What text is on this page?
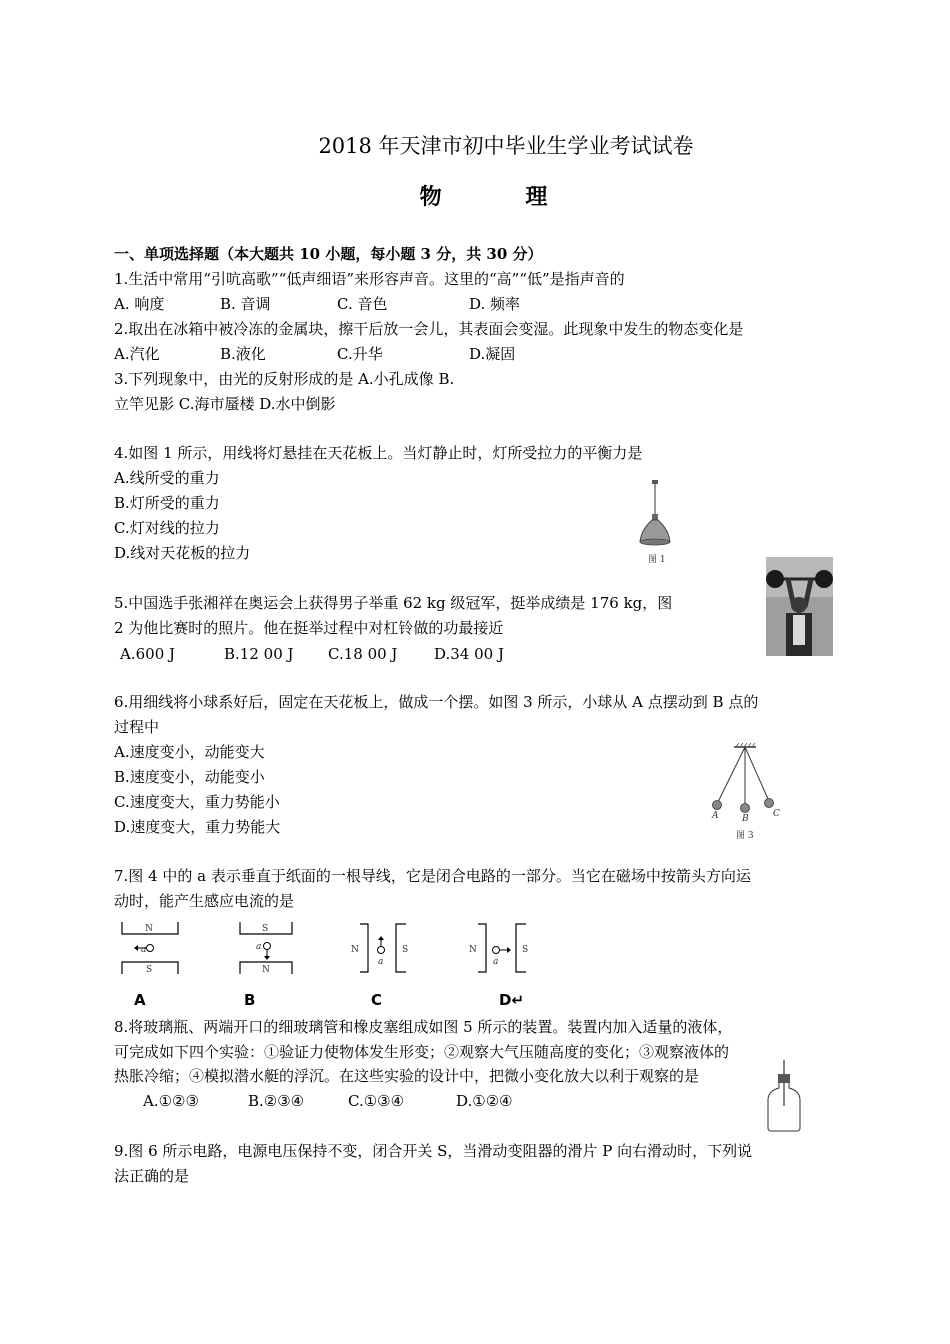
2018 年天津市初中毕业生学业考试试卷
物 理
一、单项选择题（本大题共 10 小题，每小题 3 分，共 30 分）
1.生活中常用“引吭高歌”“低声细语”来形容声音。这里的“高”“低”是指声音的
A. 响度	B. 音调	C. 音色	D. 频率
2.取出在冰箱中被冷冻的金属块，擦干后放一会儿，其表面会变湿。此现象中发生的物态变化是
A.汽化	B.液化	C.升华	D.凝固
3.下列现象中，由光的反射形成的是 A.小孔成像 B.
立竿见影 C.海市蜃楼 D.水中倒影
4.如图 1 所示，用线将灯悬挂在天花板上。当灯静止时，灯所受拉力的平衡力是
A.线所受的重力
B.灯所受的重力
C.灯对线的拉力
D.线对天花板的拉力	图 1
5.中国选手张湘祥在奥运会上获得男子举重 62 kg 级冠军，挺举成绩是 176 kg，图
2 为他比赛时的照片。他在挺举过程中对杠铃做的功最接近
A.600 J	B.12 00 J C.18 00 J D.34 00 J
6.用细线将小球系好后，固定在天花板上，做成一个摆。如图 3 所示，小球从 A 点摆动到 B 点的
过程中
A.速度变小，动能变大
B.速度变小，动能变小
C.速度变大，重力势能小
D.速度变大，重力势能大
A	B	C
图 3
7.图 4 中的 a 表示垂直于纸面的一根导线，它是闭合电路的一部分。当它在磁场中按箭头方向运
动时，能产生感应电流的是
N
S
a
A
S
N
a
B
N	S
a
C
N	S
a
D↵
8.将玻璃瓶、两端开口的细玻璃管和橡皮塞组成如图 5 所示的装置。装置内加入适量的液体，
可完成如下四个实验：①验证力使物体发生形变；②观察大气压随高度的变化；③观察液体的
热胀冷缩；④模拟潜水艇的浮沉。在这些实验的设计中，把微小变化放大以利于观察的是
A.①②③	B.②③④	C.①③④	D.①②④
9.图 6 所示电路，电源电压保持不变，闭合开关 S，当滑动变阻器的滑片 P 向右滑动时，下列说
法正确的是
